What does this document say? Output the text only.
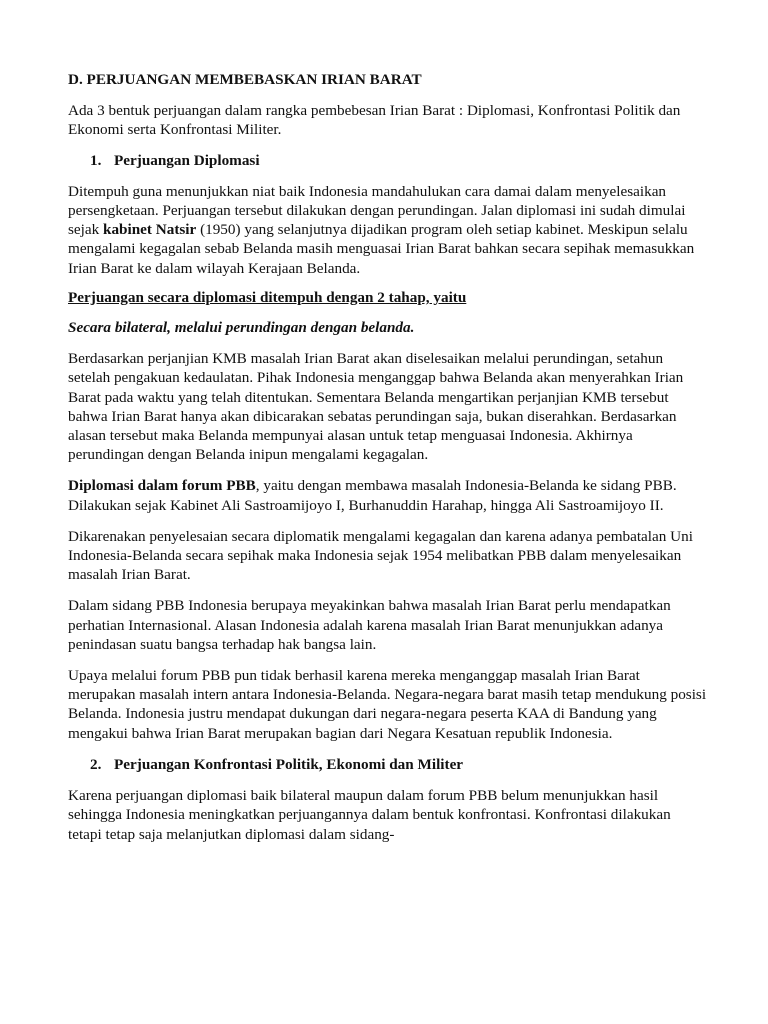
D. PERJUANGAN MEMBEBASKAN IRIAN BARAT

Ada 3 bentuk perjuangan dalam rangka pembebesan Irian Barat : Diplomasi, Konfrontasi Politik dan Ekonomi serta Konfrontasi Militer.

1. Perjuangan Diplomasi

Ditempuh guna menunjukkan niat baik Indonesia mandahulukan cara damai dalam menyelesaikan persengketaan. Perjuangan tersebut dilakukan dengan perundingan. Jalan diplomasi ini sudah dimulai sejak kabinet Natsir (1950) yang selanjutnya dijadikan program oleh setiap kabinet. Meskipun selalu mengalami kegagalan sebab Belanda masih menguasai Irian Barat bahkan secara sepihak memasukkan Irian Barat ke dalam wilayah Kerajaan Belanda.

Perjuangan secara diplomasi ditempuh dengan 2 tahap, yaitu

Secara bilateral, melalui perundingan dengan belanda.

Berdasarkan perjanjian KMB masalah Irian Barat akan diselesaikan melalui perundingan, setahun setelah pengakuan kedaulatan. Pihak Indonesia menganggap bahwa Belanda akan menyerahkan Irian Barat pada waktu yang telah ditentukan. Sementara Belanda mengartikan perjanjian KMB tersebut bahwa Irian Barat hanya akan dibicarakan sebatas perundingan saja, bukan diserahkan. Berdasarkan alasan tersebut maka Belanda mempunyai alasan untuk tetap menguasai Indonesia. Akhirnya perundingan dengan Belanda inipun mengalami kegagalan.

Diplomasi dalam forum PBB, yaitu dengan membawa masalah Indonesia-Belanda ke sidang PBB. Dilakukan sejak Kabinet Ali Sastroamijoyo I, Burhanuddin Harahap, hingga Ali Sastroamijoyo II.

Dikarenakan penyelesaian secara diplomatik mengalami kegagalan dan karena adanya pembatalan Uni Indonesia-Belanda secara sepihak maka Indonesia sejak 1954 melibatkan PBB dalam menyelesaikan masalah Irian Barat.

Dalam sidang PBB Indonesia berupaya meyakinkan bahwa masalah Irian Barat perlu mendapatkan perhatian Internasional. Alasan Indonesia adalah karena masalah Irian Barat menunjukkan adanya penindasan suatu bangsa terhadap hak bangsa lain.

Upaya melalui forum PBB pun tidak berhasil karena mereka menganggap masalah Irian Barat merupakan masalah intern antara Indonesia-Belanda. Negara-negara barat masih tetap mendukung posisi Belanda. Indonesia justru mendapat dukungan dari negara-negara peserta KAA di Bandung yang mengakui bahwa Irian Barat merupakan bagian dari Negara Kesatuan republik Indonesia.

2. Perjuangan Konfrontasi Politik, Ekonomi dan Militer

Karena perjuangan diplomasi baik bilateral maupun dalam forum PBB belum menunjukkan hasil sehingga Indonesia meningkatkan perjuangannya dalam bentuk konfrontasi. Konfrontasi dilakukan tetapi tetap saja melanjutkan diplomasi dalam sidang-
